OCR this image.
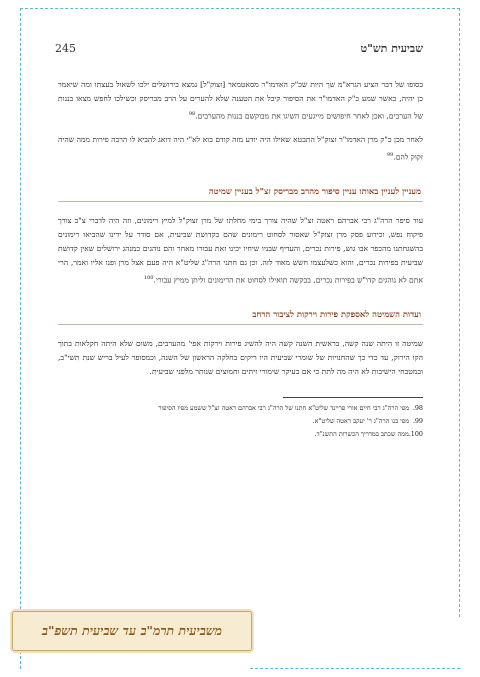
שביעית תש"ט
245

בסופו של דבר הציע הגרא"מ שך היות שכ"ק האדמו"ר מסאטמאר [זצוק"ל] נמצא בירושלים ילכו לשאול בעצתו ומה שיאמר כן יהיה, כאשר שמע כ"ק האדמו"ר את הסיפור קיבל את הטענה שלא להערים על הרב מבריסק וכשילכו לחפש מצאו בננות של הערבים, ואכן לאחר חיפושים מייגעים השיגו את מבוקשם בננות מהערבים.$^{98}$

לאחר מכן כ"ק מרן האדמו"ר זצוק"ל התבטא שאילו היה יודע מזה קודם בוא לא"י היה דואג להביא לו הרבה פירות ממה שהיה זקוק להם.$^{99}$

מעניין לעניין באותו עניין סיפור מהרב מבריסק זצ"ל בעניין שמיטה

עוד סיפר הרה"ג רבי אברהם ראטה זצ"ל שהיה צורך בימי מחלתו של מרן זצוק"ל למיץ רימונים, וזה היה לדברי צ"ב צורך פיקוח נפש, וכידוע פסק מרן זצוק"ל שאסור לסחוט רימונים שהם בקדושת שביעית, אם סודר על ידינו שהביאו רימונים בהשגחתנו מהכפר אבו גוש, פירות נכרים, והעדיף שבניו שיחיו יכינו זאת עבורו מאחר והם נוהגים כמנהג ירושלים שאין קדושת שביעית בפירות נכרים, והוא כשלעצמו חשש מאוד לזה. וכן גם חתני הרה"ג שליט"א היה פעם אצל מרן ופנו אליו ואמר, הרי אתם לא נוהגים קדו"ש בפירות נכרים, בבקשה תואילו לסחוט את הרימונים וליתן ממיץ עבורי.$^{100}$

ועדות השמיטה לאספקת פירות וירקות לציבור הרחב

שמיטה זו היתה שנה קשה, בראשית השנה קשה היה להשיג פירות וירקות אפי' מהערבים, משום שלא היתה חקלאות בתוך הקו הירוק, עד כדי כך שהחנויות של שומרי שביעית היו ריקים בחלקה הראשון של השנה, וכמסופר לעיל בריש שנת תשי"ב, ובמטבחי הישיבות לא היה מה לתת כי אם בעיקר שימורי זיתים וחמוצים שנותר מלפני שביעית.

98.
מפי הרה"ג רבי חיים אורי פריינד שליט"א חתנו של הרה"ג רבי אברהם ראטה זצ"ל ששמע מפיו הסיפור
99.
מפי בנו הרה"ג ר' יעקב ראטה שליט"א.
100.
ממה שכתב במדריך הכשרות התשנ"ד.
משביעית תרמ"ב עד שביעית תשפ"ב
